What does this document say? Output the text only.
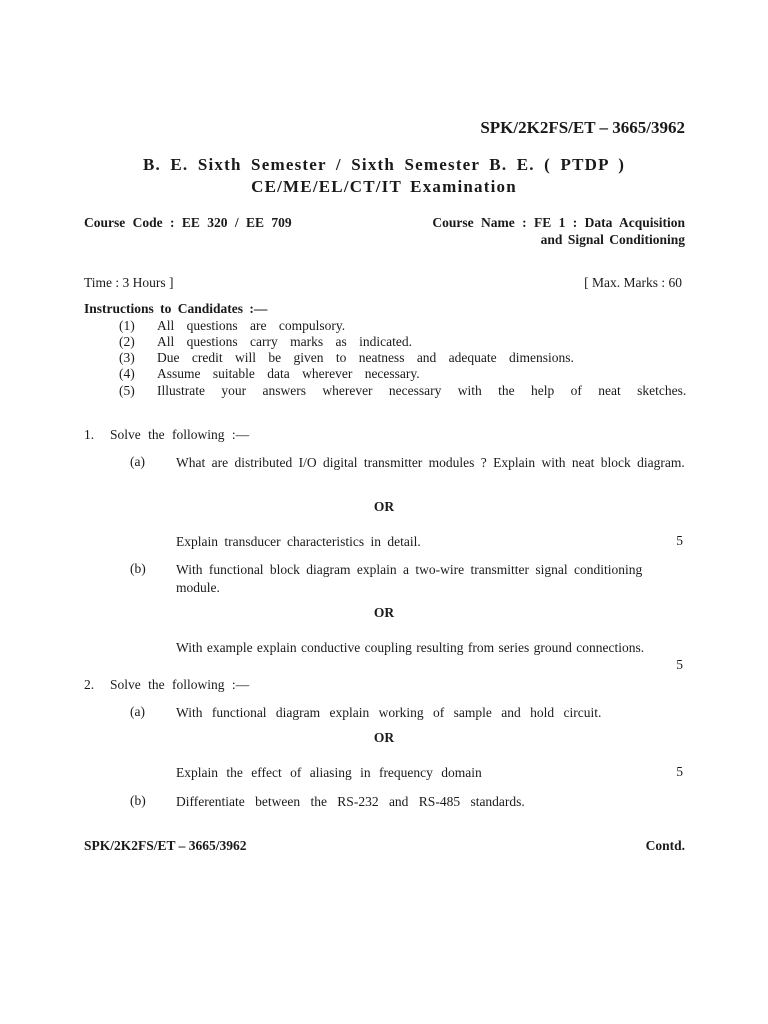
SPK/2K2FS/ET – 3665/3962
B. E. Sixth Semester / Sixth Semester B. E. ( PTDP )
CE/ME/EL/CT/IT Examination
Course Code : EE 320 / EE 709	Course Name : FE 1 : Data Acquisition
and Signal Conditioning
Time : 3 Hours ]	[ Max. Marks : 60
Instructions to Candidates :—
(1) All questions are compulsory.
(2) All questions carry marks as indicated.
(3) Due credit will be given to neatness and adequate dimensions.
(4) Assume suitable data wherever necessary.
(5) Illustrate your answers wherever necessary with the help of neat sketches.
1. Solve the following :—
(a) What are distributed I/O digital transmitter modules ? Explain with neat block diagram.
OR
Explain transducer characteristics in detail.	5
(b) With functional block diagram explain a two-wire transmitter signal conditioning module.
OR
With example explain conductive coupling resulting from series ground connections.
5
2. Solve the following :—
(a) With functional diagram explain working of sample and hold circuit.
OR
Explain the effect of aliasing in frequency domain	5
(b) Differentiate between the RS-232 and RS-485 standards.
SPK/2K2FS/ET – 3665/3962	Contd.
